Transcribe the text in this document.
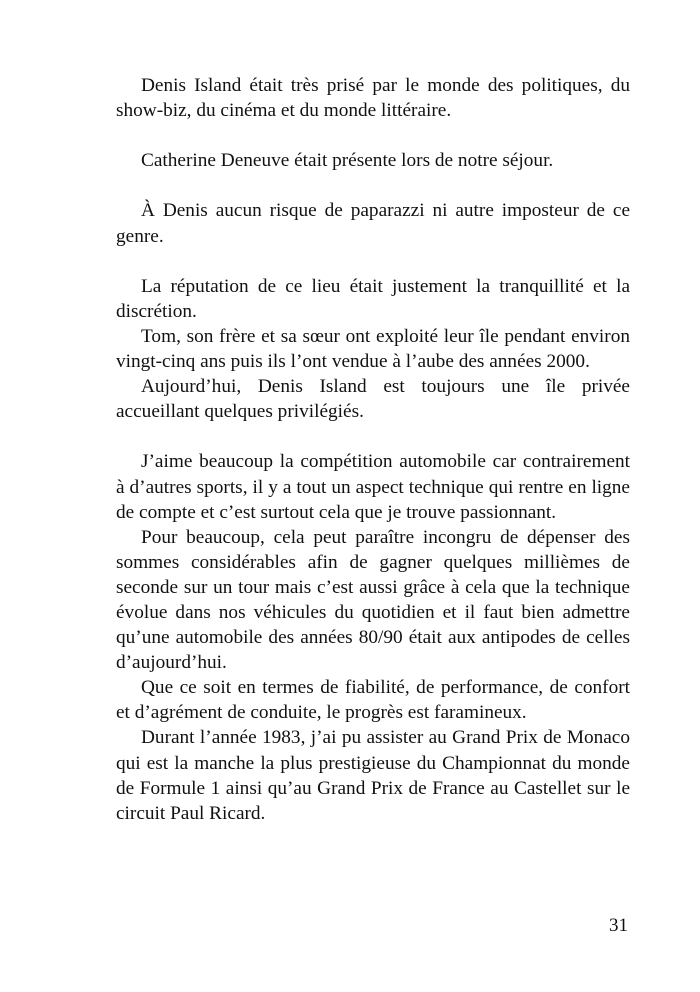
Denis Island était très prisé par le monde des politiques, du show-biz, du cinéma et du monde littéraire.

Catherine Deneuve était présente lors de notre séjour.

À Denis aucun risque de paparazzi ni autre imposteur de ce genre.

La réputation de ce lieu était justement la tranquillité et la discrétion.

Tom, son frère et sa sœur ont exploité leur île pendant environ vingt-cinq ans puis ils l’ont vendue à l’aube des années 2000.

Aujourd’hui, Denis Island est toujours une île privée accueillant quelques privilégiés.

J’aime beaucoup la compétition automobile car contrairement à d’autres sports, il y a tout un aspect technique qui rentre en ligne de compte et c’est surtout cela que je trouve passionnant.

Pour beaucoup, cela peut paraître incongru de dépenser des sommes considérables afin de gagner quelques millièmes de seconde sur un tour mais c’est aussi grâce à cela que la technique évolue dans nos véhicules du quotidien et il faut bien admettre qu’une automobile des années 80/90 était aux antipodes de celles d’aujourd’hui.

Que ce soit en termes de fiabilité, de performance, de confort et d’agrément de conduite, le progrès est faramineux.

Durant l’année 1983, j’ai pu assister au Grand Prix de Monaco qui est la manche la plus prestigieuse du Championnat du monde de Formule 1 ainsi qu’au Grand Prix de France au Castellet sur le circuit Paul Ricard.

31
